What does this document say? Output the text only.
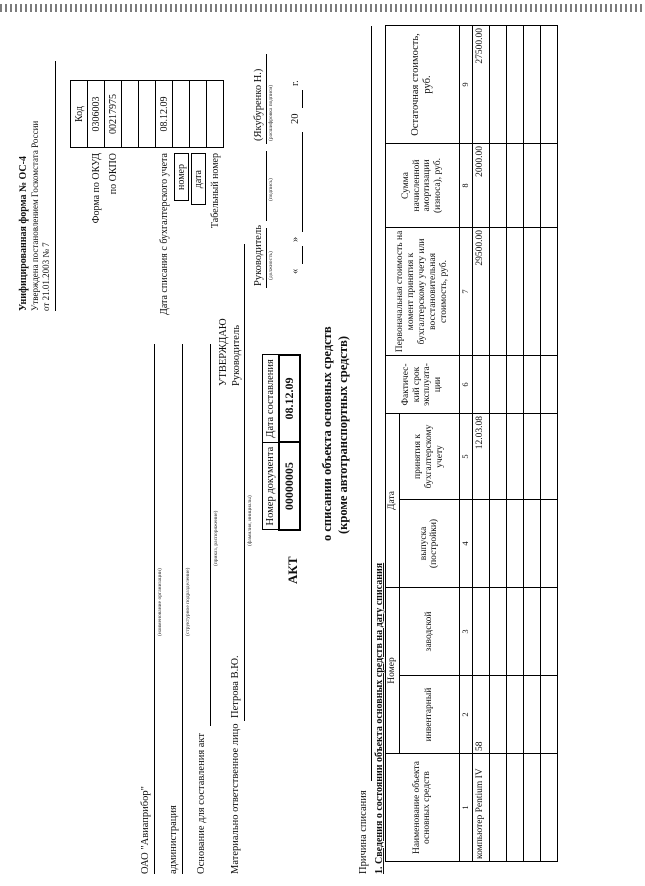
Унифицированная форма № ОС-4 Утверждена постановлением Госкомстата России от 21.01.2003 № 7
	Код
Форма по ОКУД	0306003
по ОКПО	00217975

Дата списания с бухгалтерского учета	08.12.09
номер	
дата	
Табельный номер	
ОАО "Авиаприбор"
(наименование организации)
администрация
(структурное подразделение)
Основание для составления акт
(приказ, распоряжение)
Материально ответственное лицо
Петрова В.Ю.
(фамилия, инициалы)
УТВЕРЖДАЮ Руководитель
Руководитель (должность)
(подпись)
(Якубуренко Н.) (расшифровка подписи)
«
»
20
г.
Номер документа	Дата составления
00000005	08.12.09
АКТ
о списании объекта основных средств (кроме автотранспортных средств)
Причина списания 1. Сведения о состоянии объекта основных средств на дату списания	Наименование объекта основных средств	Номер		Дата		Фактичес-кий срок эксплуата-ции	Первоначальная стоимость на момент принятия к бухгалтерскому учету или восстановительная стоимость, руб.	Сумма начисленной амортизации (износа), руб.	Остаточная стоимость, руб.
	инвентарный	заводской	выпуска (постройки)	принятия к бухгалтерскому учету				
1	2	3	4	5	6	7	8	9
компьютер Pentium IV	58			12.03.08		29500.00	2000.00	27500.00
